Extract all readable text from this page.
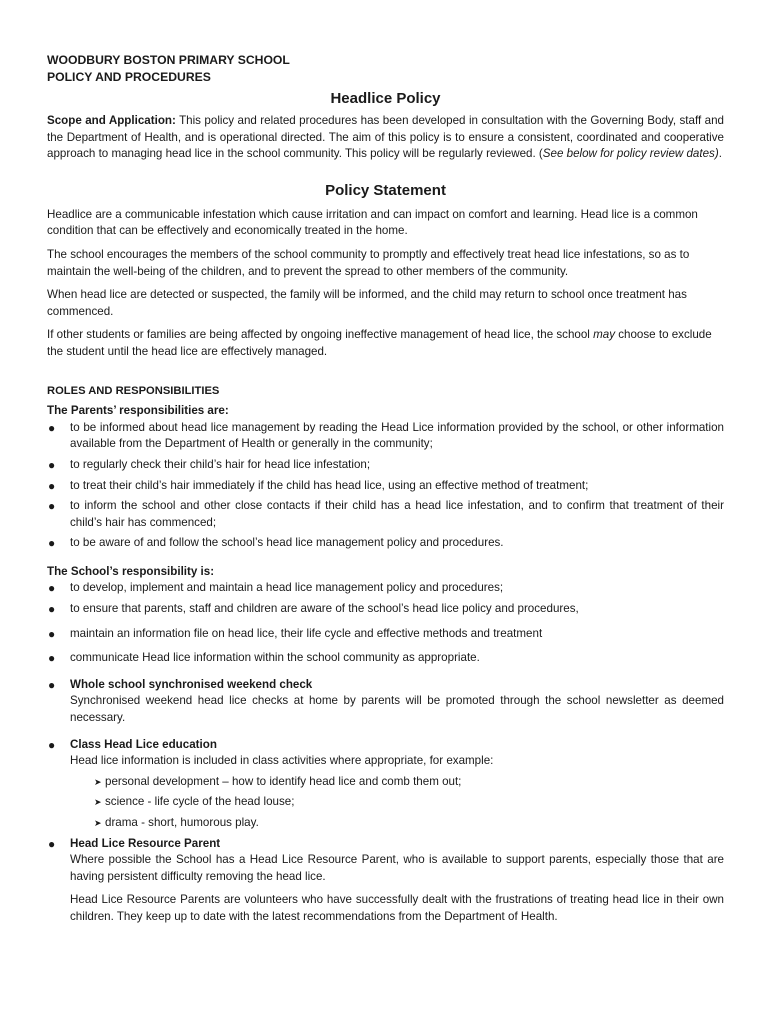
WOODBURY BOSTON PRIMARY SCHOOL

POLICY AND PROCEDURES

Headlice Policy

Scope and Application: This policy and related procedures has been developed in consultation with the Governing Body, staff and the Department of Health, and is operational directed. The aim of this policy is to ensure a consistent, coordinated and cooperative approach to managing head lice in the school community. This policy will be regularly reviewed. (See below for policy review dates).

Policy Statement

Headlice are a communicable infestation which cause irritation and can impact on comfort and learning. Head lice is a common condition that can be effectively and economically treated in the home.

The school encourages the members of the school community to promptly and effectively treat head lice infestations, so as to maintain the well-being of the children, and to prevent the spread to other members of the community.

When head lice are detected or suspected, the family will be informed, and the child may return to school once treatment has commenced.

If other students or families are being affected by ongoing ineffective management of head lice, the school may choose to exclude the student until the head lice are effectively managed.

ROLES AND RESPONSIBILITIES

The Parents’ responsibilities are:

● to be informed about head lice management by reading the Head Lice information provided by the school, or other information available from the Department of Health or generally in the community;
● to regularly check their child’s hair for head lice infestation;
● to treat their child’s hair immediately if the child has head lice, using an effective method of treatment;
● to inform the school and other close contacts if their child has a head lice infestation, and to confirm that treatment of their child’s hair has commenced;
● to be aware of and follow the school’s head lice management policy and procedures.

The School’s responsibility is:

● to develop, implement and maintain a head lice management policy and procedures;
● to ensure that parents, staff and children are aware of the school’s head lice policy and procedures,
● maintain an information file on head lice, their life cycle and effective methods and treatment
● communicate Head lice information within the school community as appropriate.
● Whole school synchronised weekend check
Synchronised weekend head lice checks at home by parents will be promoted through the school newsletter as deemed necessary.
● Class Head Lice education
Head lice information is included in class activities where appropriate, for example:
➤ personal development – how to identify head lice and comb them out;
➤ science - life cycle of the head louse;
➤ drama - short, humorous play.
● Head Lice Resource Parent

Where possible the School has a Head Lice Resource Parent, who is available to support parents, especially those that are having persistent difficulty removing the head lice.

Head Lice Resource Parents are volunteers who have successfully dealt with the frustrations of treating head lice in their own children. They keep up to date with the latest recommendations from the Department of Health.
